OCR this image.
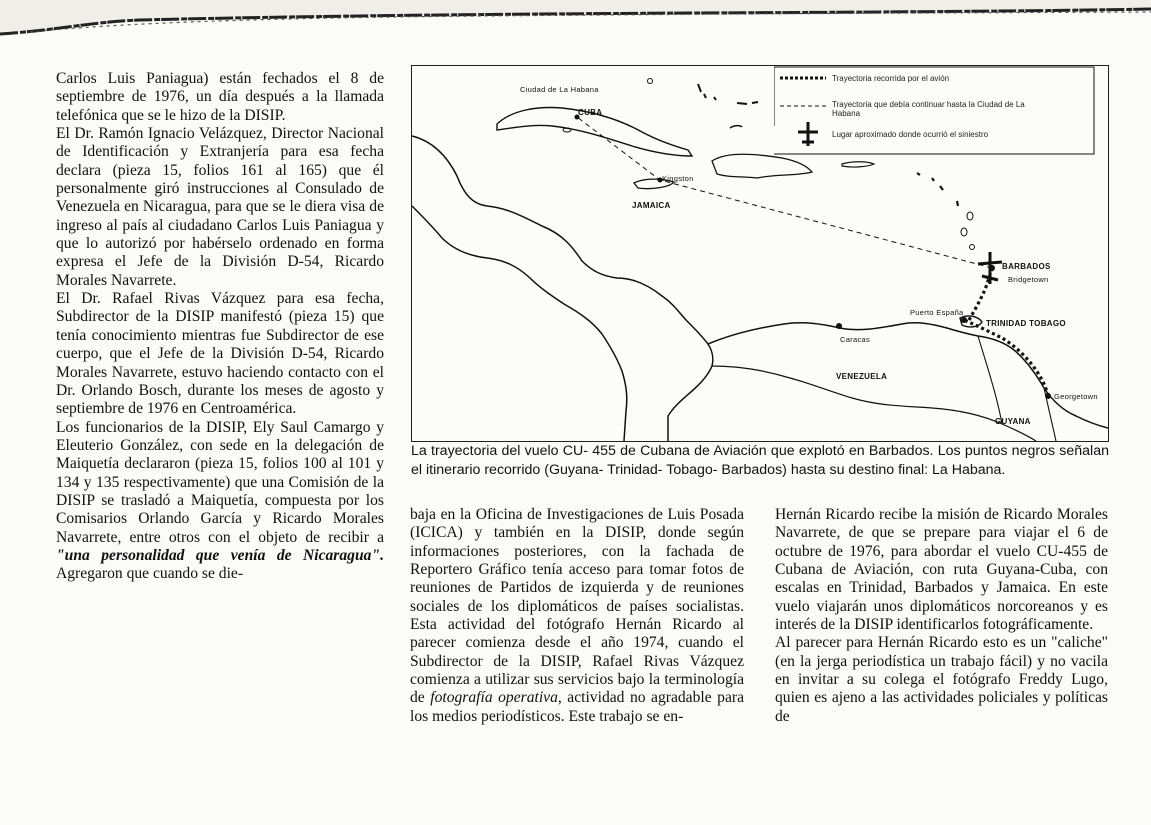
Carlos Luis Paniagua) están fechados el 8 de septiembre de 1976, un día después a la llamada telefónica que se le hizo de la DISIP.

El Dr. Ramón Ignacio Velázquez, Director Nacional de Identificación y Extranjería para esa fecha declara (pieza 15, folios 161 al 165) que él personalmente giró instrucciones al Consulado de Venezuela en Nicaragua, para que se le diera visa de ingreso al país al ciudadano Carlos Luis Paniagua y que lo autorizó por habérselo ordenado en forma expresa el Jefe de la División D-54, Ricardo Morales Navarrete.

El Dr. Rafael Rivas Vázquez para esa fecha, Subdirector de la DISIP manifestó (pieza 15) que tenía conocimiento mientras fue Subdirector de ese cuerpo, que el Jefe de la División D-54, Ricardo Morales Navarrete, estuvo haciendo contacto con el Dr. Orlando Bosch, durante los meses de agosto y septiembre de 1976 en Centroamérica.

Los funcionarios de la DISIP, Ely Saul Camargo y Eleuterio González, con sede en la delegación de Maiquetía declararon (pieza 15, folios 100 al 101 y 134 y 135 respectivamente) que una Comisión de la DISIP se trasladó a Maiquetía, compuesta por los Comisarios Orlando García y Ricardo Morales Navarrete, entre otros con el objeto de recibir a "una personalidad que venía de Nicaragua". Agregaron que cuando se die-

Ciudad de La Habana
CUBA
Kingston
JAMAICA
BARBADOS
Bridgetown
Puerto España
TRINIDAD TOBAGO
Caracas
VENEZUELA
Georgetown
GUYANA
Trayectoria recorrida por el avión
Trayectoria que debía continuar hasta la Ciudad de La Habana
Lugar aproximado donde ocurrió el siniestro
La trayectoria del vuelo CU- 455 de Cubana de Aviación que explotó en Barbados. Los puntos negros señalan el itinerario recorrido (Guyana- Trinidad- Tobago- Barbados) hasta su destino final: La Habana.

baja en la Oficina de Investigaciones de Luis Posada (ICICA) y también en la DISIP, donde según informaciones posteriores, con la fachada de Reportero Gráfico tenía acceso para tomar fotos de reuniones de Partidos de izquierda y de reuniones sociales de los diplomáticos de países socialistas. Esta actividad del fotógrafo Hernán Ricardo al parecer comienza desde el año 1974, cuando el Subdirector de la DISIP, Rafael Rivas Vázquez comienza a utilizar sus servicios bajo la terminología de fotografía operativa, actividad no agradable para los medios periodísticos. Este trabajo se en-

Hernán Ricardo recibe la misión de Ricardo Morales Navarrete, de que se prepare para viajar el 6 de octubre de 1976, para abordar el vuelo CU-455 de Cubana de Aviación, con ruta Guyana-Cuba, con escalas en Trinidad, Barbados y Jamaica. En este vuelo viajarán unos diplomáticos norcoreanos y es interés de la DISIP identificarlos fotográficamente.

Al parecer para Hernán Ricardo esto es un "caliche" (en la jerga periodística un trabajo fácil) y no vacila en invitar a su colega el fotógrafo Freddy Lugo, quien es ajeno a las actividades policiales y políticas de
